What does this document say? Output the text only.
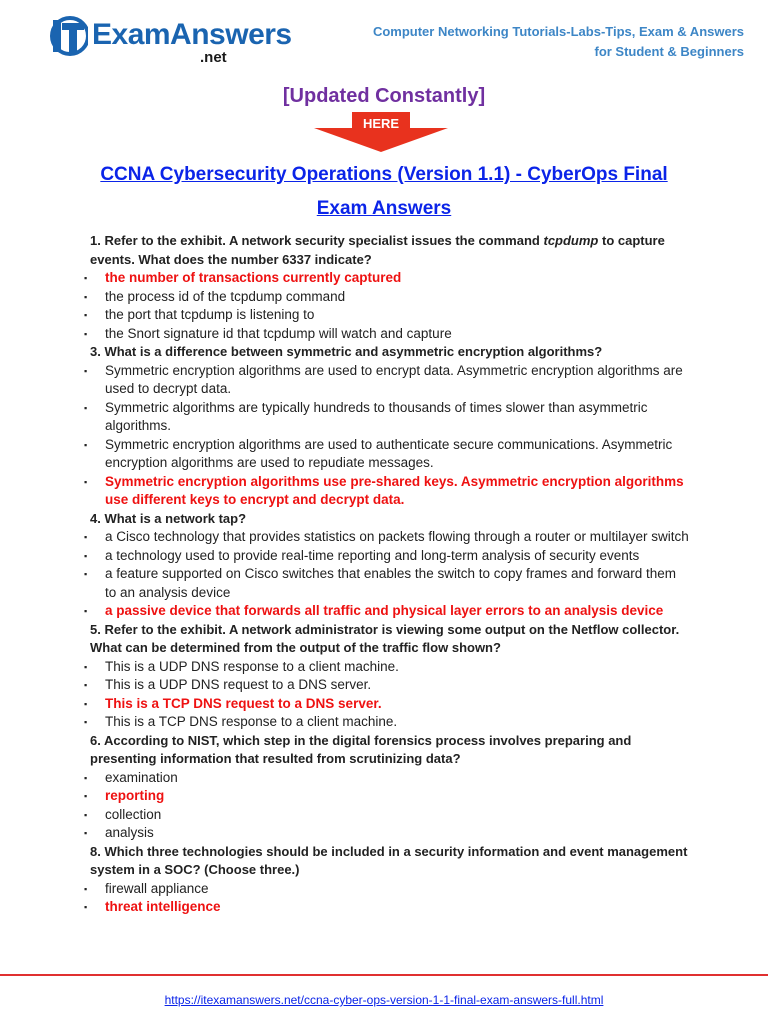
ExamAnswers
.net
Computer Networking Tutorials-Labs-Tips, Exam & Answers
for Student & Beginners
[Updated Constantly]
HERE
CCNA Cybersecurity Operations (Version 1.1) - CyberOps Final Exam Answers
1. Refer to the exhibit. A network security specialist issues the command tcpdump to capture events. What does the number 6337 indicate?
▪ the number of transactions currently captured
▪ the process id of the tcpdump command
▪ the port that tcpdump is listening to
▪ the Snort signature id that tcpdump will watch and capture
3. What is a difference between symmetric and asymmetric encryption algorithms?
▪ Symmetric encryption algorithms are used to encrypt data. Asymmetric encryption algorithms are used to decrypt data.
▪ Symmetric algorithms are typically hundreds to thousands of times slower than asymmetric algorithms.
▪ Symmetric encryption algorithms are used to authenticate secure communications. Asymmetric encryption algorithms are used to repudiate messages.
▪ Symmetric encryption algorithms use pre-shared keys. Asymmetric encryption algorithms use different keys to encrypt and decrypt data.
4. What is a network tap?
▪ a Cisco technology that provides statistics on packets flowing through a router or multilayer switch
▪ a technology used to provide real-time reporting and long-term analysis of security events
▪ a feature supported on Cisco switches that enables the switch to copy frames and forward them to an analysis device
▪ a passive device that forwards all traffic and physical layer errors to an analysis device
5. Refer to the exhibit. A network administrator is viewing some output on the Netflow collector. What can be determined from the output of the traffic flow shown?
▪ This is a UDP DNS response to a client machine.
▪ This is a UDP DNS request to a DNS server.
▪ This is a TCP DNS request to a DNS server.
▪ This is a TCP DNS response to a client machine.
6. According to NIST, which step in the digital forensics process involves preparing and presenting information that resulted from scrutinizing data?
▪ examination
▪ reporting
▪ collection
▪ analysis
8. Which three technologies should be included in a security information and event management system in a SOC? (Choose three.)
▪ firewall appliance
▪ threat intelligence
https://itexamanswers.net/ccna-cyber-ops-version-1-1-final-exam-answers-full.html
